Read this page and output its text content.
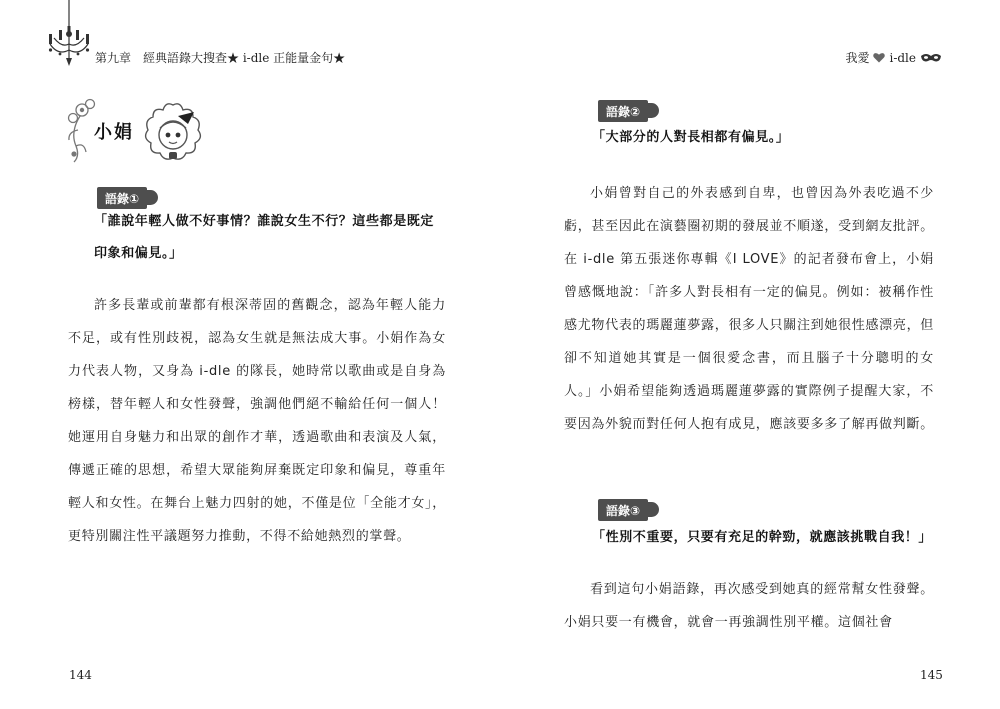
第九章　經典語錄大搜查★ i-dle 正能量金句★
小娟
語錄①
「誰說年輕人做不好事情？誰說女生不行？這些都是既定印象和偏見。」
許多長輩或前輩都有根深蒂固的舊觀念，認為年輕人能力不足，或有性別歧視，認為女生就是無法成大事。小娟作為女力代表人物，又身為 i-dle 的隊長，她時常以歌曲或是自身為榜樣，替年輕人和女性發聲，強調他們絕不輸給任何一個人！她運用自身魅力和出眾的創作才華，透過歌曲和表演及人氣，傳遞正確的思想，希望大眾能夠屏棄既定印象和偏見，尊重年輕人和女性。在舞台上魅力四射的她，不僅是位「全能才女」，更特別關注性平議題努力推動，不得不給她熱烈的掌聲。
144
我愛 i-dle
語錄②
「大部分的人對長相都有偏見。」
小娟曾對自己的外表感到自卑，也曾因為外表吃過不少虧，甚至因此在演藝圈初期的發展並不順遂，受到網友批評。在 i-dle 第五張迷你專輯《I LOVE》的記者發布會上，小娟曾感慨地說：「許多人對長相有一定的偏見。例如：被稱作性感尤物代表的瑪麗蓮夢露，很多人只關注到她很性感漂亮，但卻不知道她其實是一個很愛念書，而且腦子十分聰明的女人。」小娟希望能夠透過瑪麗蓮夢露的實際例子提醒大家，不要因為外貌而對任何人抱有成見，應該要多多了解再做判斷。
語錄③
「性別不重要，只要有充足的幹勁，就應該挑戰自我！」
看到這句小娟語錄，再次感受到她真的經常幫女性發聲。小娟只要一有機會，就會一再強調性別平權。這個社會
145
